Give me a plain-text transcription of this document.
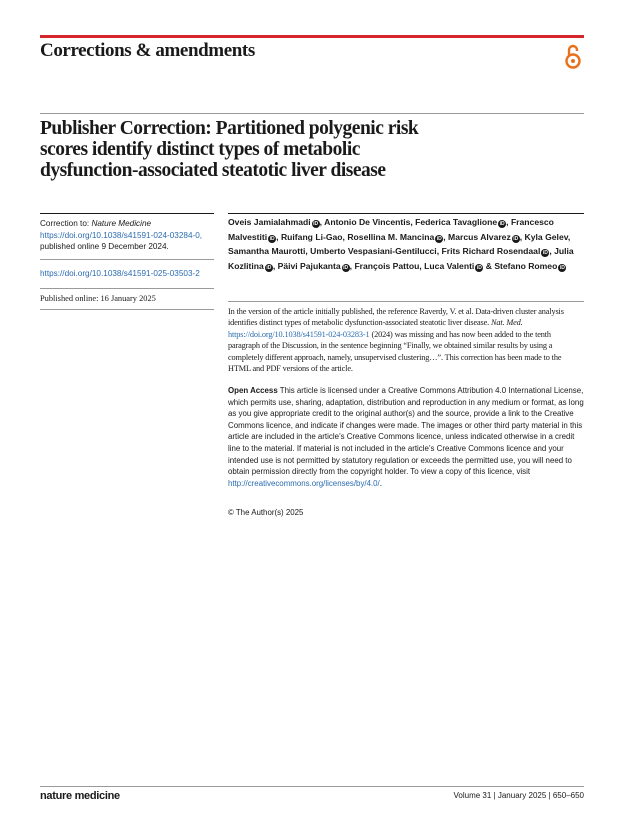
Corrections & amendments
Publisher Correction: Partitioned polygenic risk scores identify distinct types of metabolic dysfunction-associated steatotic liver disease
Correction to: Nature Medicine
https://doi.org/10.1038/s41591-024-03284-0,
published online 9 December 2024.
https://doi.org/10.1038/s41591-025-03503-2
Published online: 16 January 2025
Oveis Jamialahmadi iD , Antonio De Vincentis, Federica Tavaglione iD , Francesco Malvestiti iD , Ruifang Li-Gao, Rosellina M. Mancina iD , Marcus Alvarez iD , Kyla Gelev, Samantha Maurotti, Umberto Vespasiani-Gentilucci, Frits Richard Rosendaal iD , Julia Kozlitina iD , Päivi Pajukanta iD , François Pattou, Luca Valenti iD & Stefano Romeo iD

In the version of the article initially published, the reference Raverdy, V. et al. Data-driven cluster analysis identifies distinct types of metabolic dysfunction-associated steatotic liver disease. Nat. Med. https://doi.org/10.1038/s41591-024-03283-1 (2024) was missing and has now been added to the tenth paragraph of the Discussion, in the sentence beginning “Finally, we obtained similar results by using a completely different approach, namely, unsupervised clustering…”. This correction has been made to the HTML and PDF versions of the article.

Open Access This article is licensed under a Creative Commons Attribution 4.0 International License, which permits use, sharing, adaptation, distribution and reproduction in any medium or format, as long as you give appropriate credit to the original author(s) and the source, provide a link to the Creative Commons licence, and indicate if changes were made. The images or other third party material in this article are included in the article’s Creative Commons licence, unless indicated otherwise in a credit line to the material. If material is not included in the article’s Creative Commons licence and your intended use is not permitted by statutory regulation or exceeds the permitted use, you will need to obtain permission directly from the copyright holder. To view a copy of this licence, visit http://creativecommons.org/licenses/by/4.0/.

© The Author(s) 2025

nature medicine	Volume 31 | January 2025 | 650–650
